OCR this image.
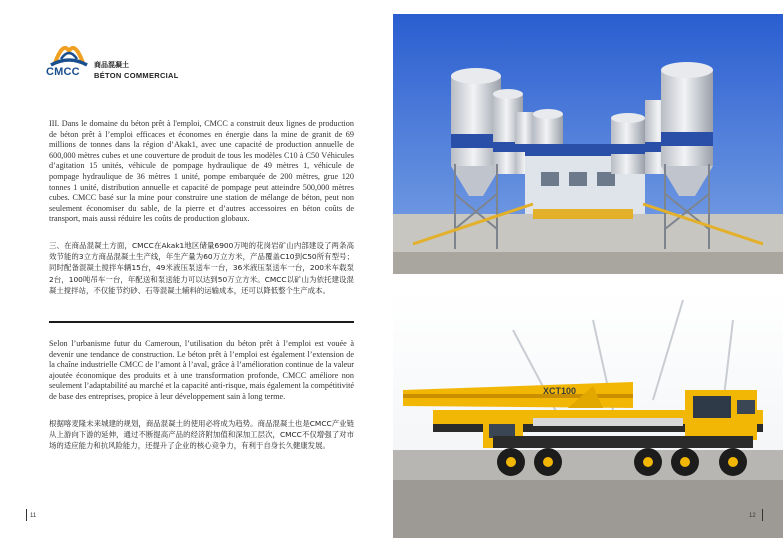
CMCC
商品混凝土
BÉTON COMMERCIAL
III. Dans le domaine du béton prêt à l'emploi, CMCC a construit deux lignes de production de béton prêt à l’emploi efficaces et économes en énergie dans la mine de granit de 69 millions de tonnes dans la région d’Akak1, avec une capacité de production annuelle de 600,000 mètres cubes et une couverture de produit de tous les modèles C10 à C50 Véhicules d’agitation 15 unités, véhicule de pompage hydraulique de 49 mètres 1, véhicule de pompage hydraulique de 36 mètres 1 unité, pompe embarquée de 200 mètres, grue 120 tonnes 1 unité, distribution annuelle et capacité de pompage peut atteindre 500,000 mètres cubes. CMCC basé sur la mine pour construire une station de mélange de béton, peut non seulement économiser du sable, de la pierre et d’autres accessoires en béton coûts de transport, mais aussi réduire les coûts de production globaux.
三、在商品混凝土方面，CMCC在Akak1地区储量6900万吨的花岗岩矿山内部建设了两条高效节能的3立方商品混凝土生产线，年生产量为60万立方米，产品覆盖C10到C50所有型号；同时配备混凝土搅拌车辆15台，49米液压泵送车一台，36米液压泵送车一台，200米车载泵2台，100吨吊车一台，年配送和泵送能力可以达到50万立方米。CMCC以矿山为依托建设混凝土搅拌站，不仅能节约砂、石等混凝土辅料的运输成本，还可以降低整个生产成本。
Selon l’urbanisme futur du Cameroun, l’utilisation du béton prêt à l’emploi est vouée à devenir une tendance de construction. Le béton prêt à l’emploi est également l’extension de la chaîne industrielle CMCC de l’amont à l’aval, grâce à l’amélioration continue de la valeur ajoutée économique des produits et à une transformation profonde, CMCC améliore non seulement l’adaptabilité au marché et la capacité anti-risque, mais également la compétitivité de base des entreprises, propice à leur développement sain à long terme.
根据喀麦隆未来城建的规划，商品混凝土的使用必将成为趋势。商品混凝土也是CMCC产业链从上游向下游的延伸，通过不断提高产品的经济附加值和深加工层次，CMCC不仅增强了对市场的适应能力和抗风险能力，还提升了企业的核心竞争力，有利于自身长久健康发展。
11
XCT100
12
